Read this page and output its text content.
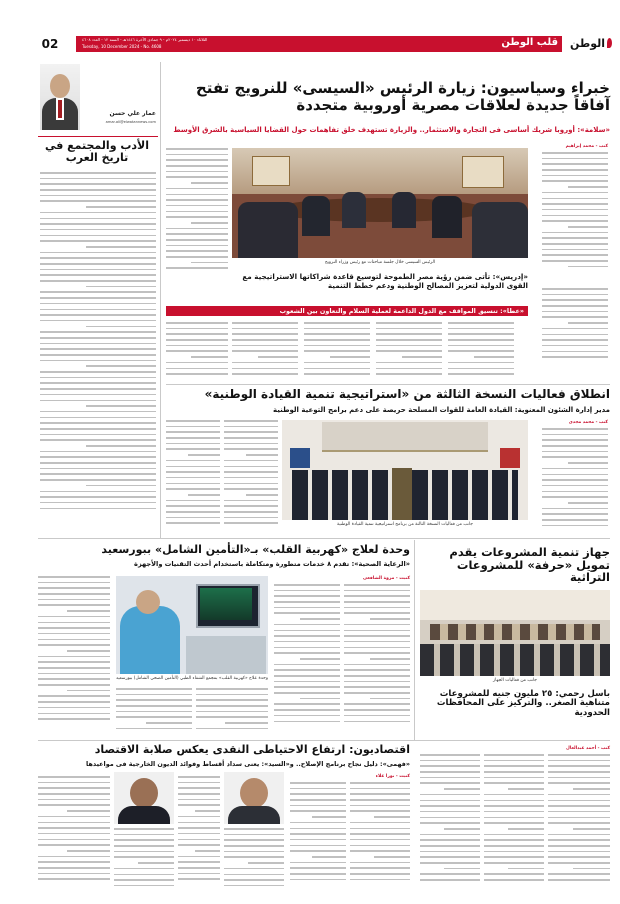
الوطن
قلب الوطن
الثلاثاء ١٠ ديسمبر ٢٠٢٤م - ٩ جمادى الآخرة ١٤٤٦هـ - السنة ١٢ - العدد ٤٦٠٨
Tuesday, 10 December 2024 - No. 4608
02
عمار علي حسن
amar.ali@elwatannews.com
الأدب والمجتمع في تاريخ العرب
خبراء وسياسيون: زيارة الرئيس «السيسى» للنرويج تفتح آفاقاً جديدة لعلاقات مصرية أوروبية متجددة
«سلامة»: أوروبا شريك أساسى فى التجارة والاستثمار.. والزيارة تستهدف خلق تفاهمات حول القضايا السياسية بالشرق الأوسط
كتب - محمد إبراهيم
الرئيس السيسى خلال جلسة مباحثات مع رئيس وزراء النرويج
«إدريس»: تأتى ضمن رؤية مصر الطموحة لتوسيع قاعدة شراكاتها الاستراتيجية مع القوى الدولية لتعزيز المصالح الوطنية ودعم خطط التنمية
«عطا»: تنسيق المواقف مع الدول الداعمة لعملية السلام والتعاون بين الشعوب
انطلاق فعاليات النسخة الثالثة من «استراتيجية تنمية القيادة الوطنية»
مدير إدارة الشئون المعنوية: القيادة العامة للقوات المسلحة حريصة على دعم برامج التوعية الوطنية
كتب - محمد مجدى
جانب من فعاليات النسخة الثالثة من برنامج استراتيجية تنمية القيادة الوطنية
وحدة لعلاج «كهربية القلب» بـ«التأمين الشامل» ببورسعيد
«الرعاية الصحية»: تقدم ٨ خدمات متطورة ومتكاملة باستخدام أحدث التقنيات والأجهزة
وحدة علاج «كهربية القلب» بمجمع الشفاء الطبي (التأمين الصحي الشامل) ببورسعيد
كتبت - مروة الشافعى
جهاز تنمية المشروعات يقدم تمويل «حرفة» للمشروعات التراثية
جانب من فعاليات الجهاز
باسل رحمي: ٢٥ مليون جنيه للمشروعات متناهية الصغر.. والتركيز على المحافظات الحدودية
اقتصاديون: ارتفاع الاحتياطى النقدى يعكس صلابة الاقتصاد
«فهمى»: دليل نجاح برنامج الإصلاح.. و«السيد»: يعنى سداد أقساط وفوائد الديون الخارجية فى مواعيدها
كتبت - نورا علاء
كتب - أحمد عبدالعال
